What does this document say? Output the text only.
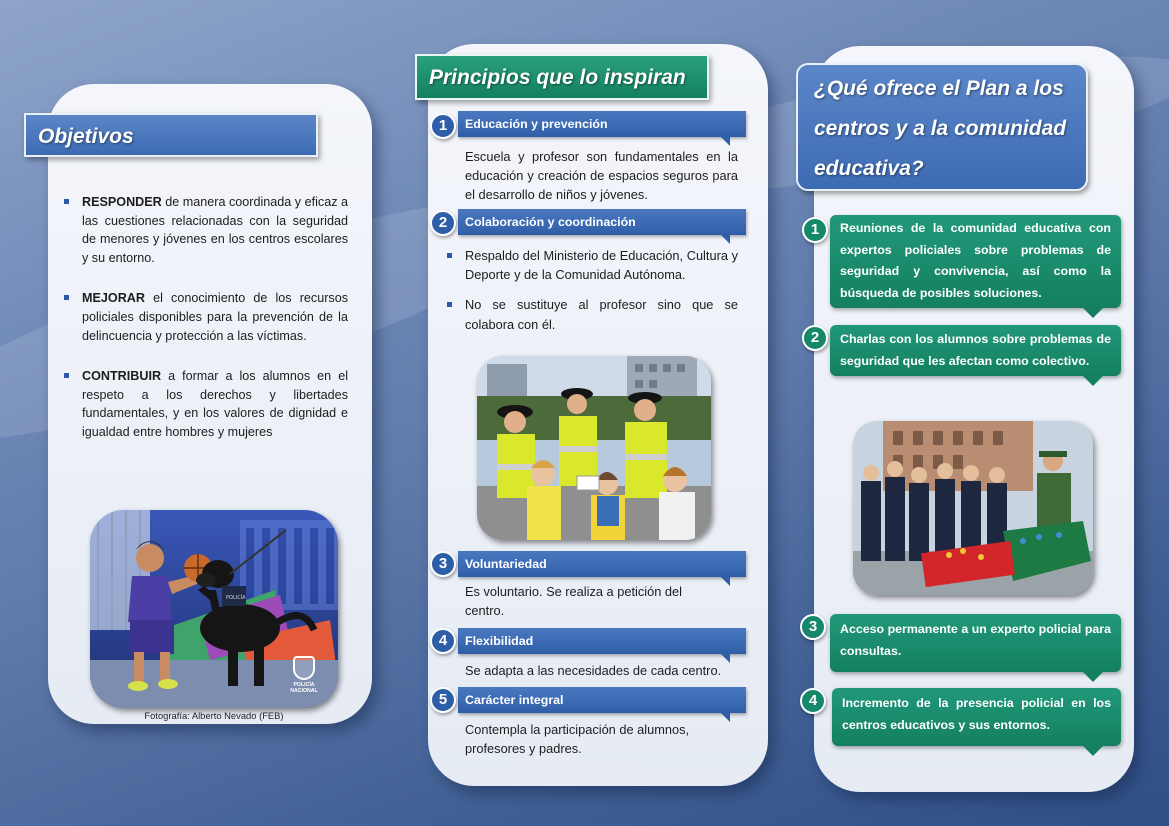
Objetivos
RESPONDER de manera coordinada y eficaz a las cuestiones relacionadas con la seguridad de menores y jóvenes en los centros escolares y su entorno.
MEJORAR el conocimiento de los recursos policiales disponibles para la prevención de la delincuencia y protección a las víctimas.
CONTRIBUIR a formar a los alumnos en el respeto a los derechos y libertades fundamentales, y en los valores de dignidad e igualdad entre hombres y mujeres
POLICÍA
POLICÍA
NACIONAL
Fotografía: Alberto Nevado (FEB)
Principios que lo inspiran
1	Educación y prevención
Escuela y profesor son fundamentales en la educación y creación de espacios seguros para el desarrollo de niños y jóvenes.
2	Colaboración y coordinación
Respaldo del Ministerio de Educación, Cultura y Deporte y de la Comunidad Autónoma.
No se sustituye al profesor sino que se colabora con él.
3	Voluntariedad
Es voluntario. Se realiza a petición del centro.
4	Flexibilidad
Se adapta a las necesidades de cada centro.
5	Carácter integral
Contempla la participación de alumnos, profesores y padres.
¿Qué ofrece el Plan a los centros y a la comunidad educativa?
1	Reuniones de la comunidad educativa con expertos policiales sobre problemas de seguridad y convivencia, así como la búsqueda de posibles soluciones.
2	Charlas con los alumnos sobre problemas de seguridad que les afectan como colectivo.
3	Acceso permanente a un experto policial para consultas.
4	Incremento de la presencia policial en los centros educativos y sus entornos.
